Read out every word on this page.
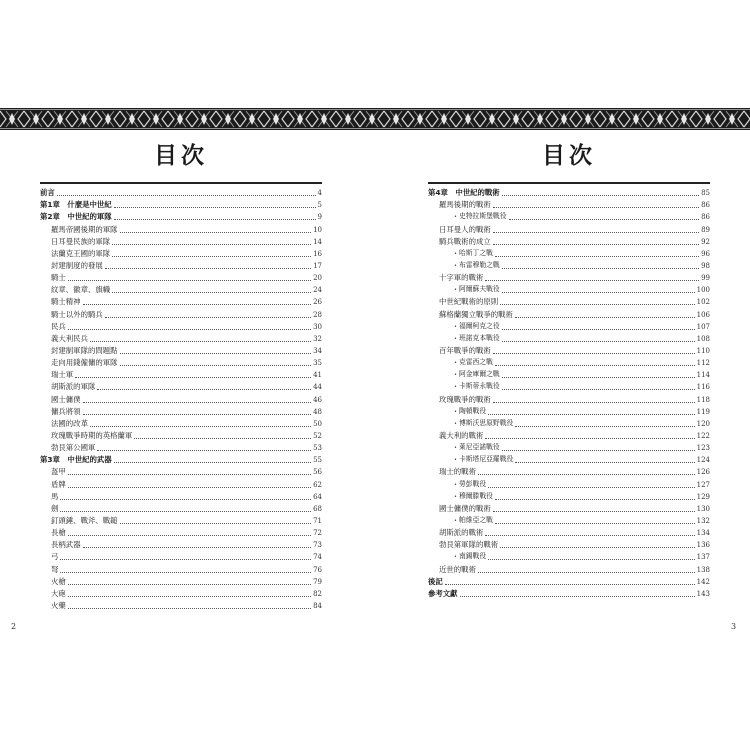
目次
前言	4
第1章　什麼是中世紀	5
第2章　中世紀的軍隊	9
羅馬帝國後期的軍隊	10
日耳曼民族的軍隊	14
法蘭克王國的軍隊	16
封建制度的發展	17
騎士	20
紋章、徽章、旗幟	24
騎士精神	26
騎士以外的騎兵	28
民兵	30
義大利民兵	32
封建制軍隊的問題點	34
走向用錢僱傭的軍隊	35
瑞士軍	41
胡斯派的軍隊	44
國士傭僕	46
傭兵將領	48
法國的改革	50
玫瑰戰爭時期的英格蘭軍	52
勃艮第公國軍	53
第3章　中世紀的武器	55
盔甲	56
盾牌	62
馬	64
劍	68
釘頭錘、戰斧、戰鎚	71
長槍	72
長柄武器	73
弓	74
弩	76
火槍	79
大砲	82
火藥	84
目次
第4章　中世紀的戰術	85
羅馬後期的戰術	86
• 史特拉斯堡戰役	86
日耳曼人的戰術	89
騎兵戰術的成立	92
• 哈斯丁之戰	96
• 布雷穆勒之戰	98
十字軍的戰術	99
• 阿爾蘇夫戰役	100
中世紀戰術的原則	102
蘇格蘭獨立戰爭的戰術	106
• 福爾柯克之役	107
• 班諾克本戰役	108
百年戰爭的戰術	110
• 克雷西之戰	112
• 阿金庫爾之戰	114
• 卡斯蒂永戰役	116
玫瑰戰爭的戰術	118
• 陶頓戰役	119
• 博斯沃思原野戰役	120
義大利的戰術	122
• 萊尼亞諾戰役	123
• 卡斯塔尼亞羅戰役	124
瑞士的戰術	126
• 勞彭戰役	127
• 穆爾滕戰役	129
國士傭僕的戰術	130
• 帕維亞之戰	132
胡斯派的戰術	134
勃艮第軍隊的戰術	136
• 南錫戰役	137
近世的戰術	138
後記	142
參考文獻	143
2	3
